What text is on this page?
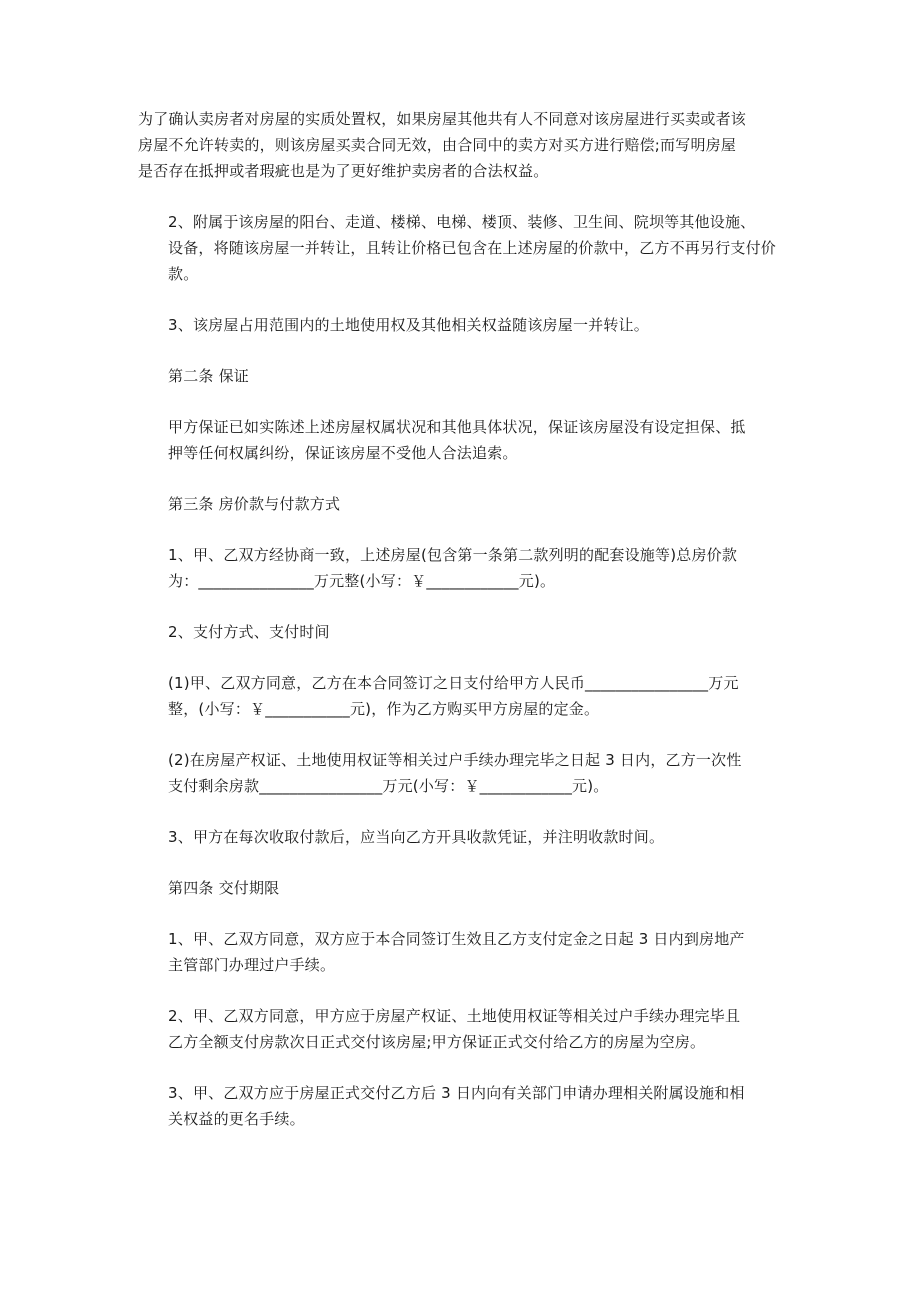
为了确认卖房者对房屋的实质处置权，如果房屋其他共有人不同意对该房屋进行买卖或者该
房屋不允许转卖的，则该房屋买卖合同无效，由合同中的卖方对买方进行赔偿;而写明房屋
是否存在抵押或者瑕疵也是为了更好维护卖房者的合法权益。
2、附属于该房屋的阳台、走道、楼梯、电梯、楼顶、装修、卫生间、院坝等其他设施、
设备，将随该房屋一并转让，且转让价格已包含在上述房屋的价款中，乙方不再另行支付价
款。
3、该房屋占用范围内的土地使用权及其他相关权益随该房屋一并转让。
第二条 保证
甲方保证已如实陈述上述房屋权属状况和其他具体状况，保证该房屋没有设定担保、抵
押等任何权属纠纷，保证该房屋不受他人合法追索。
第三条 房价款与付款方式
1、甲、乙双方经协商一致，上述房屋(包含第一条第二款列明的配套设施等)总房价款
为：_______________万元整(小写：￥____________元)。
2、支付方式、支付时间
(1)甲、乙双方同意，乙方在本合同签订之日支付给甲方人民币________________万元
整，(小写：￥___________元)，作为乙方购买甲方房屋的定金。
(2)在房屋产权证、土地使用权证等相关过户手续办理完毕之日起 3 日内，乙方一次性
支付剩余房款________________万元(小写：￥____________元)。
3、甲方在每次收取付款后，应当向乙方开具收款凭证，并注明收款时间。
第四条 交付期限
1、甲、乙双方同意，双方应于本合同签订生效且乙方支付定金之日起 3 日内到房地产
主管部门办理过户手续。
2、甲、乙双方同意，甲方应于房屋产权证、土地使用权证等相关过户手续办理完毕且
乙方全额支付房款次日正式交付该房屋;甲方保证正式交付给乙方的房屋为空房。
3、甲、乙双方应于房屋正式交付乙方后 3 日内向有关部门申请办理相关附属设施和相
关权益的更名手续。
